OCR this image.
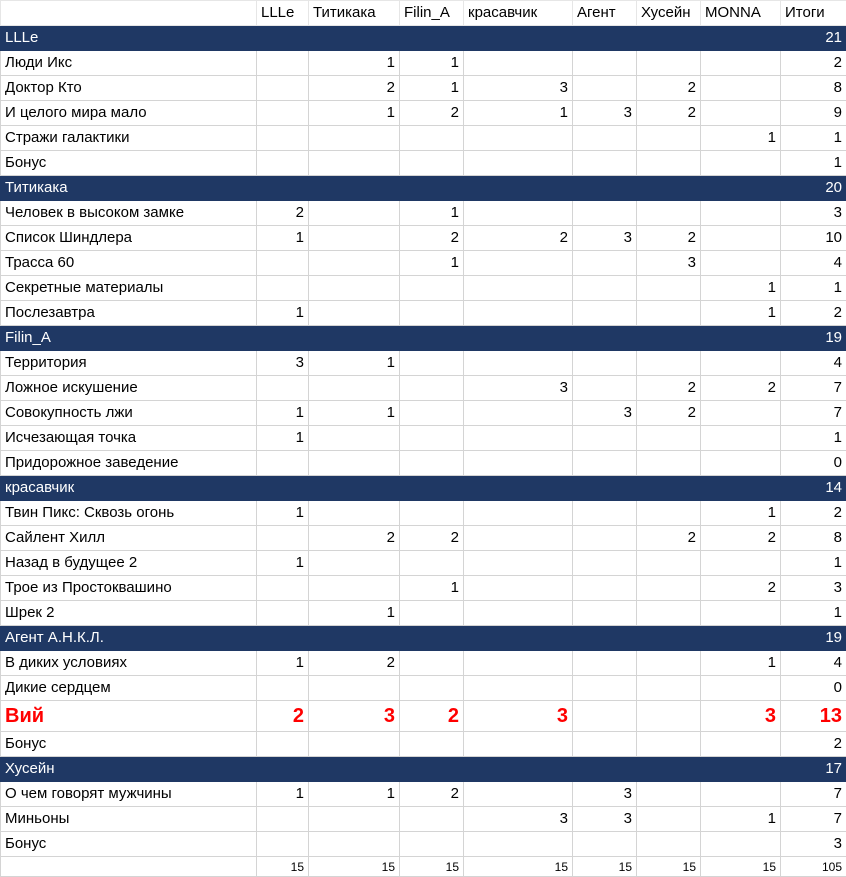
	LLLe	Титикака	Filin_A	красавчик	Агент	Хусейн	MONNA	Итоги
LLLe								21
Люди Икс		1	1					2
Доктор Кто		2	1	3		2		8
И целого мира мало		1	2	1	3	2		9
Стражи галактики							1	1
Бонус								1
Титикака								20
Человек в высоком замке	2		1					3
Список Шиндлера	1		2	2	3	2		10
Трасса 60			1			3		4
Секретные материалы							1	1
Послезавтра	1						1	2
Filin_A								19
Территория	3	1						4
Ложное искушение				3		2	2	7
Совокупность лжи	1	1			3	2		7
Исчезающая точка	1							1
Придорожное заведение								0
красавчик								14
Твин Пикс: Сквозь огонь	1						1	2
Сайлент Хилл		2	2			2	2	8
Назад в будущее 2	1							1
Трое из Простоквашино			1				2	3
Шрек 2		1						1
Агент А.Н.К.Л.								19
В диких условиях	1	2					1	4
Дикие сердцем								0
Вий	2	3	2	3			3	13
Бонус								2
Хусейн								17
О чем говорят мужчины	1	1	2		3			7
Миньоны				3	3		1	7
Бонус								3
	15	15	15	15	15	15	15	105
